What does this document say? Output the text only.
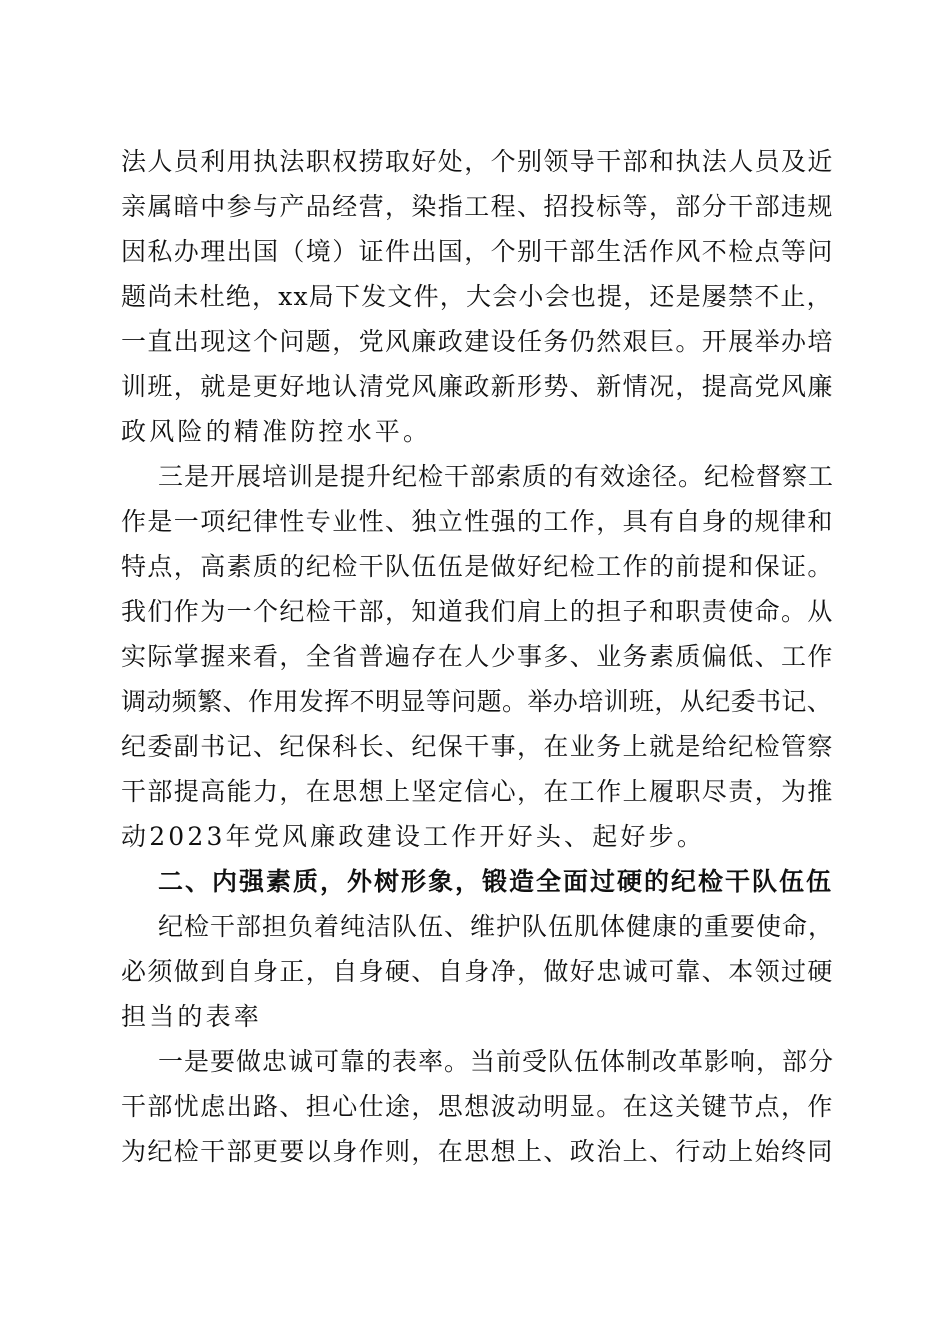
法人员利用执法职权捞取好处，个别领导干部和执法人员及近
亲属暗中参与产品经营，染指工程、招投标等，部分干部违规
因私办理出国（境）证件出国，个别干部生活作风不检点等问
题尚未杜绝，xx局下发文件，大会小会也提，还是屡禁不止，
一直出现这个问题，党风廉政建设任务仍然艰巨。开展举办培
训班，就是更好地认清党风廉政新形势、新情况，提高党风廉
政风险的精准防控水平。
三是开展培训是提升纪检干部索质的有效途径。纪检督察工
作是一项纪律性专业性、独立性强的工作，具有自身的规律和
特点，高素质的纪检干队伍伍是做好纪检工作的前提和保证。
我们作为一个纪检干部，知道我们肩上的担子和职责使命。从
实际掌握来看，全省普遍存在人少事多、业务素质偏低、工作
调动频繁、作用发挥不明显等问题。举办培训班，从纪委书记、
纪委副书记、纪保科长、纪保干事，在业务上就是给纪检管察
干部提高能力，在思想上坚定信心，在工作上履职尽责，为推
动2023年党风廉政建设工作开好头、起好步。
二、内强素质，外树形象，锻造全面过硬的纪检干队伍伍
纪检干部担负着纯洁队伍、维护队伍肌体健康的重要使命，
必须做到自身正，自身硬、自身净，做好忠诚可靠、本领过硬
担当的表率
一是要做忠诚可靠的表率。当前受队伍体制改革影响，部分
干部忧虑出路、担心仕途，思想波动明显。在这关键节点，作
为纪检干部更要以身作则，在思想上、政治上、行动上始终同
